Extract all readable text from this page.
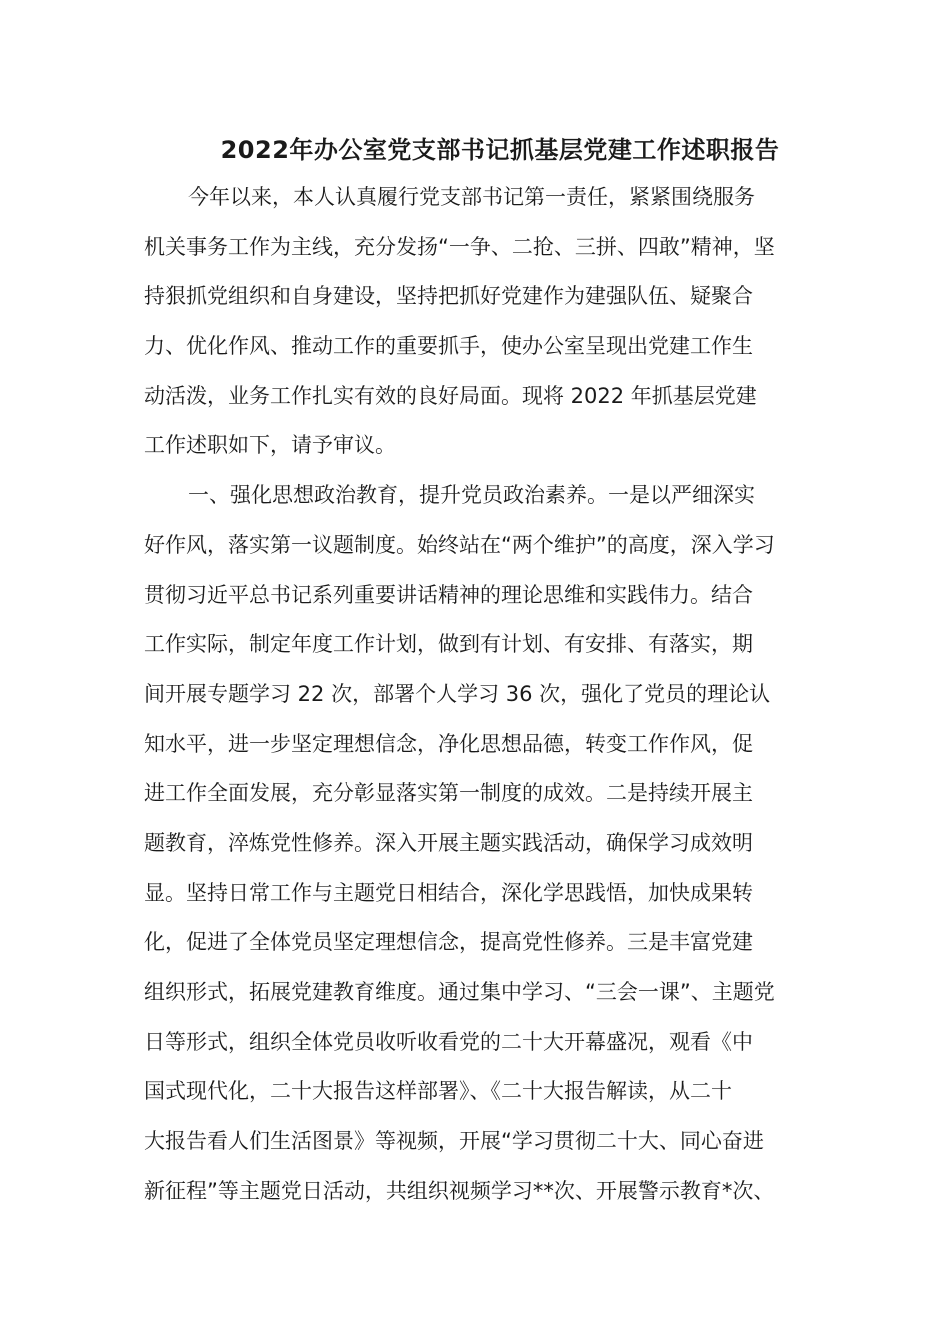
2022年办公室党支部书记抓基层党建工作述职报告
今年以来，本人认真履行党支部书记第一责任，紧紧围绕服务
机关事务工作为主线，充分发扬“一争、二抢、三拼、四敢”精神，坚
持狠抓党组织和自身建设，坚持把抓好党建作为建强队伍、疑聚合
力、优化作风、推动工作的重要抓手，使办公室呈现出党建工作生
动活泼，业务工作扎实有效的良好局面。现将 2022 年抓基层党建
工作述职如下，请予审议。
一、强化思想政治教育，提升党员政治素养。一是以严细深实
好作风，落实第一议题制度。始终站在“两个维护”的高度，深入学习
贯彻习近平总书记系列重要讲话精神的理论思维和实践伟力。结合
工作实际，制定年度工作计划，做到有计划、有安排、有落实，期
间开展专题学习 22 次，部署个人学习 36 次，强化了党员的理论认
知水平，进一步坚定理想信念，净化思想品德，转变工作作风，促
进工作全面发展，充分彰显落实第一制度的成效。二是持续开展主
题教育，淬炼党性修养。深入开展主题实践活动，确保学习成效明
显。坚持日常工作与主题党日相结合，深化学思践悟，加快成果转
化，促进了全体党员坚定理想信念，提高党性修养。三是丰富党建
组织形式，拓展党建教育维度。通过集中学习、“三会一课”、主题党
日等形式，组织全体党员收听收看党的二十大开幕盛况，观看《中
国式现代化，二十大报告这样部署》、《二十大报告解读，从二十
大报告看人们生活图景》等视频，开展“学习贯彻二十大、同心奋进
新征程”等主题党日活动，共组织视频学习**次、开展警示教育*次、
